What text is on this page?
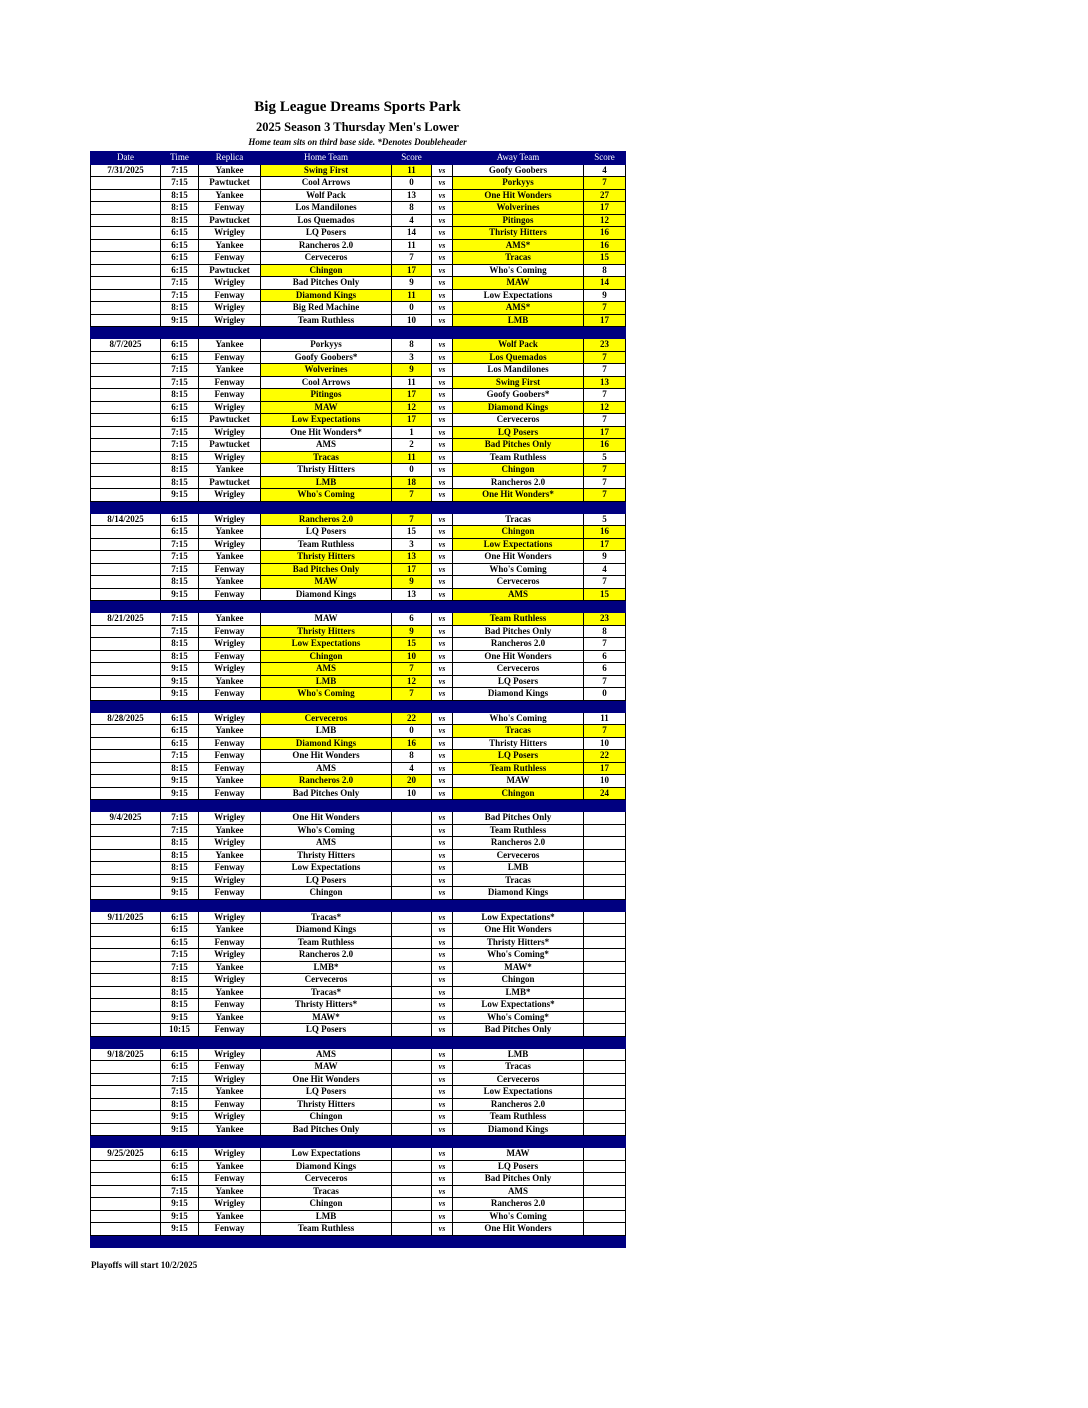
Big League Dreams Sports Park
2025 Season 3 Thursday Men's Lower
Home team sits on third base side. *Denotes Doubleheader
Date	Time	Replica	Home Team	Score		Away Team	Score
7/31/2025	7:15	Yankee	Swing First	11	vs	Goofy Goobers	4
	7:15	Pawtucket	Cool Arrows	0	vs	Porkyys	7
	8:15	Yankee	Wolf Pack	13	vs	One Hit Wonders	27
	8:15	Fenway	Los Mandilones	8	vs	Wolverines	17
	8:15	Pawtucket	Los Quemados	4	vs	Pitingos	12
	6:15	Wrigley	LQ Posers	14	vs	Thristy Hitters	16
	6:15	Yankee	Rancheros 2.0	11	vs	AMS*	16
	6:15	Fenway	Cerveceros	7	vs	Tracas	15
	6:15	Pawtucket	Chingon	17	vs	Who's Coming	8
	7:15	Wrigley	Bad Pitches Only	9	vs	MAW	14
	7:15	Fenway	Diamond Kings	11	vs	Low Expectations	9
	8:15	Wrigley	Big Red Machine	0	vs	AMS*	7
	9:15	Wrigley	Team Ruthless	10	vs	LMB	17

8/7/2025	6:15	Yankee	Porkyys	8	vs	Wolf Pack	23
	6:15	Fenway	Goofy Goobers*	3	vs	Los Quemados	7
	7:15	Yankee	Wolverines	9	vs	Los Mandilones	7
	7:15	Fenway	Cool Arrows	11	vs	Swing First	13
	8:15	Fenway	Pitingos	17	vs	Goofy Goobers*	7
	6:15	Wrigley	MAW	12	vs	Diamond Kings	12
	6:15	Pawtucket	Low Expectations	17	vs	Cerveceros	7
	7:15	Wrigley	One Hit Wonders*	1	vs	LQ Posers	17
	7:15	Pawtucket	AMS	2	vs	Bad Pitches Only	16
	8:15	Wrigley	Tracas	11	vs	Team Ruthless	5
	8:15	Yankee	Thristy Hitters	0	vs	Chingon	7
	8:15	Pawtucket	LMB	18	vs	Rancheros 2.0	7
	9:15	Wrigley	Who's Coming	7	vs	One Hit Wonders*	7

8/14/2025	6:15	Wrigley	Rancheros 2.0	7	vs	Tracas	5
	6:15	Yankee	LQ Posers	15	vs	Chingon	16
	7:15	Wrigley	Team Ruthless	3	vs	Low Expectations	17
	7:15	Yankee	Thristy Hitters	13	vs	One Hit Wonders	9
	7:15	Fenway	Bad Pitches Only	17	vs	Who's Coming	4
	8:15	Yankee	MAW	9	vs	Cerveceros	7
	9:15	Fenway	Diamond Kings	13	vs	AMS	15

8/21/2025	7:15	Yankee	MAW	6	vs	Team Ruthless	23
	7:15	Fenway	Thristy Hitters	9	vs	Bad Pitches Only	8
	8:15	Wrigley	Low Expectations	15	vs	Rancheros 2.0	7
	8:15	Fenway	Chingon	10	vs	One Hit Wonders	6
	9:15	Wrigley	AMS	7	vs	Cerveceros	6
	9:15	Yankee	LMB	12	vs	LQ Posers	7
	9:15	Fenway	Who's Coming	7	vs	Diamond Kings	0

8/28/2025	6:15	Wrigley	Cerveceros	22	vs	Who's Coming	11
	6:15	Yankee	LMB	0	vs	Tracas	7
	6:15	Fenway	Diamond Kings	16	vs	Thristy Hitters	10
	7:15	Fenway	One Hit Wonders	8	vs	LQ Posers	22
	8:15	Fenway	AMS	4	vs	Team Ruthless	17
	9:15	Yankee	Rancheros 2.0	20	vs	MAW	10
	9:15	Fenway	Bad Pitches Only	10	vs	Chingon	24

9/4/2025	7:15	Wrigley	One Hit Wonders		vs	Bad Pitches Only	
	7:15	Yankee	Who's Coming		vs	Team Ruthless	
	8:15	Wrigley	AMS		vs	Rancheros 2.0	
	8:15	Yankee	Thristy Hitters		vs	Cerveceros	
	8:15	Fenway	Low Expectations		vs	LMB	
	9:15	Wrigley	LQ Posers		vs	Tracas	
	9:15	Fenway	Chingon		vs	Diamond Kings	

9/11/2025	6:15	Wrigley	Tracas*		vs	Low Expectations*	
	6:15	Yankee	Diamond Kings		vs	One Hit Wonders	
	6:15	Fenway	Team Ruthless		vs	Thristy Hitters*	
	7:15	Wrigley	Rancheros 2.0		vs	Who's Coming*	
	7:15	Yankee	LMB*		vs	MAW*	
	8:15	Wrigley	Cerveceros		vs	Chingon	
	8:15	Yankee	Tracas*		vs	LMB*	
	8:15	Fenway	Thristy Hitters*		vs	Low Expectations*	
	9:15	Yankee	MAW*		vs	Who's Coming*	
	10:15	Fenway	LQ Posers		vs	Bad Pitches Only	

9/18/2025	6:15	Wrigley	AMS		vs	LMB	
	6:15	Fenway	MAW		vs	Tracas	
	7:15	Wrigley	One Hit Wonders		vs	Cerveceros	
	7:15	Yankee	LQ Posers		vs	Low Expectations	
	8:15	Fenway	Thristy Hitters		vs	Rancheros 2.0	
	9:15	Wrigley	Chingon		vs	Team Ruthless	
	9:15	Yankee	Bad Pitches Only		vs	Diamond Kings	

9/25/2025	6:15	Wrigley	Low Expectations		vs	MAW	
	6:15	Yankee	Diamond Kings		vs	LQ Posers	
	6:15	Fenway	Cerveceros		vs	Bad Pitches Only	
	7:15	Yankee	Tracas		vs	AMS	
	9:15	Wrigley	Chingon		vs	Rancheros 2.0	
	9:15	Yankee	LMB		vs	Who's Coming	
	9:15	Fenway	Team Ruthless		vs	One Hit Wonders	

Playoffs will start 10/2/2025
